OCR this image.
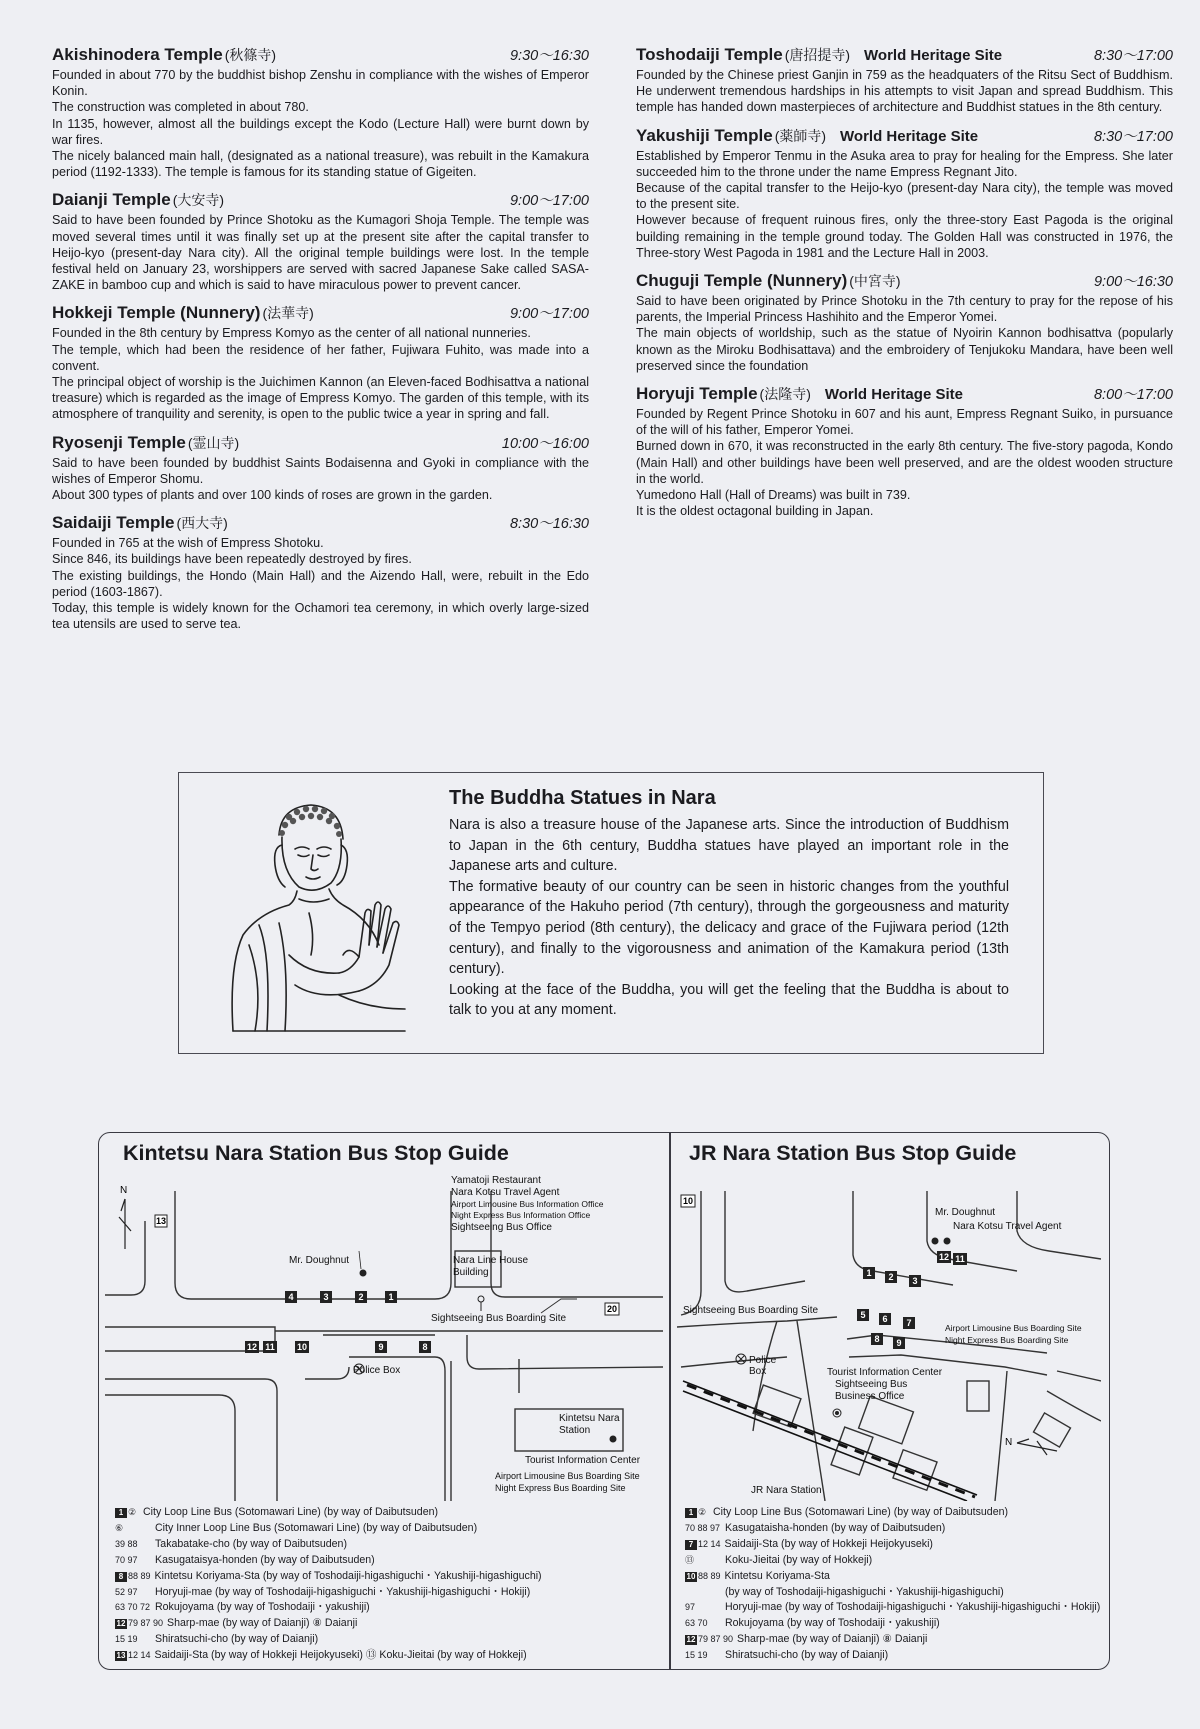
Akishinodera Temple (秋篠寺)	9:30〜16:30

Founded in about 770 by the buddhist bishop Zenshu in compliance with the wishes of Emperor Konin.

The construction was completed in about 780.

In 1135, however, almost all the buildings except the Kodo (Lecture Hall) were burnt down by war fires.

The nicely balanced main hall, (designated as a national treasure), was rebuilt in the Kamakura period (1192-1333). The temple is famous for its standing statue of Gigeiten.

Daianji Temple (大安寺)	9:00〜17:00

Said to have been founded by Prince Shotoku as the Kumagori Shoja Temple. The temple was moved several times until it was finally set up at the present site after the capital transfer to Heijo-kyo (present-day Nara city). All the original temple buildings were lost. In the temple festival held on January 23, worshippers are served with sacred Japanese Sake called SASA-ZAKE in bamboo cup and which is said to have miraculous power to prevent cancer.

Hokkeji Temple (Nunnery) (法華寺)	9:00〜17:00

Founded in the 8th century by Empress Komyo as the center of all national nunneries.

The temple, which had been the residence of her father, Fujiwara Fuhito, was made into a convent.

The principal object of worship is the Juichimen Kannon (an Eleven-faced Bodhisattva a national treasure) which is regarded as the image of Empress Komyo. The garden of this temple, with its atmosphere of tranquility and serenity, is open to the public twice a year in spring and fall.

Ryosenji Temple (霊山寺)	10:00〜16:00

Said to have been founded by buddhist Saints Bodaisenna and Gyoki in compliance with the wishes of Emperor Shomu.

About 300 types of plants and over 100 kinds of roses are grown in the garden.

Saidaiji Temple (西大寺)	8:30〜16:30

Founded in 765 at the wish of Empress Shotoku.

Since 846, its buildings have been repeatedly destroyed by fires.

The existing buildings, the Hondo (Main Hall) and the Aizendo Hall, were, rebuilt in the Edo period (1603-1867).

Today, this temple is widely known for the Ochamori tea ceremony, in which overly large-sized tea utensils are used to serve tea.

Toshodaiji Temple (唐招提寺) World Heritage Site	8:30〜17:00

Founded by the Chinese priest Ganjin in 759 as the headquaters of the Ritsu Sect of Buddhism. He underwent tremendous hardships in his attempts to visit Japan and spread Buddhism. This temple has handed down masterpieces of architecture and Buddhist statues in the 8th century.

Yakushiji Temple (薬師寺) World Heritage Site	8:30〜17:00

Established by Emperor Tenmu in the Asuka area to pray for healing for the Empress. She later succeeded him to the throne under the name Empress Regnant Jito.

Because of the capital transfer to the Heijo-kyo (present-day Nara city), the temple was moved to the present site.

However because of frequent ruinous fires, only the three-story East Pagoda is the original building remaining in the temple ground today. The Golden Hall was constructed in 1976, the Three-story West Pagoda in 1981 and the Lecture Hall in 2003.

Chuguji Temple (Nunnery) (中宮寺)	9:00〜16:30

Said to have been originated by Prince Shotoku in the 7th century to pray for the repose of his parents, the Imperial Princess Hashihito and the Emperor Yomei.

The main objects of worldship, such as the statue of Nyoirin Kannon bodhisattva (popularly known as the Miroku Bodhisattava) and the embroidery of Tenjukoku Mandara, have been well preserved since the foundation

Horyuji Temple (法隆寺) World Heritage Site	8:00〜17:00

Founded by Regent Prince Shotoku in 607 and his aunt, Empress Regnant Suiko, in pursuance of the will of his father, Emperor Yomei.

Burned down in 670, it was reconstructed in the early 8th century. The five-story pagoda, Kondo (Main Hall) and other buildings have been well preserved, and are the oldest wooden structure in the world.

Yumedono Hall (Hall of Dreams) was built in 739.

It is the oldest octagonal building in Japan.

The Buddha Statues in Nara

Nara is also a treasure house of the Japanese arts. Since the introduction of Buddhism to Japan in the 6th century, Buddha statues have played an important role in the Japanese arts and culture.

The formative beauty of our country can be seen in historic changes from the youthful appearance of the Hakuho period (7th century), through the gorgeousness and maturity of the Tempyo period (8th century), the delicacy and grace of the Fujiwara period (12th century), and finally to the vigorousness and animation of the Kamakura period (13th century).

Looking at the face of the Buddha, you will get the feeling that the Buddha is about to talk to you at any moment.

Kintetsu Nara Station Bus Stop Guide
N
Yamatoji Restaurant
Nara Kotsu Travel Agent
Airport Limousine Bus Information Office
Night Express Bus Information Office
Sightseeing Bus Office
Mr. Doughnut	Nara Line House
Building
Sightseeing Bus Boarding Site
Police Box
Kintetsu Nara
Station
Tourist Information Center
Airport Limousine Bus Boarding Site
Night Express Bus Boarding Site
13
4	3	2	1
12 11 10	9	8
20
1 ② City Loop Line Bus (Sotomawari Line) (by way of Daibutsuden)
⑥	City Inner Loop Line Bus (Sotomawari Line) (by way of Daibutsuden)
39 88	Takabatake-cho (by way of Daibutsuden)
70 97	Kasugataisya-honden (by way of Daibutsuden)
8 88 89 Kintetsu Koriyama-Sta (by way of Toshodaiji-higashiguchi・Yakushiji-higashiguchi)
52 97	Horyuji-mae (by way of Toshodaiji-higashiguchi・Yakushiji-higashiguchi・Hokiji)
63 70 72 Rokujoyama (by way of Toshodaiji・yakushiji)
12 79 87 90 Sharp-mae (by way of Daianji) ⑧ Daianji
15 19	Shiratsuchi-cho (by way of Daianji)
13 12 14 Saidaiji-Sta (by way of Hokkeji Heijokyuseki) ⑬ Koku-Jieitai (by way of Hokkeji)
JR Nara Station Bus Stop Guide
N
Mr. Doughnut
Nara Kotsu Travel Agent
Sightseeing Bus Boarding Site
Airport Limousine Bus Boarding Site
Night Express Bus Boarding Site
Police
Box	Tourist Information Center
Sightseeing Bus
Business Office
JR Nara Station
10
12 11
1 2 3
5 6 7
8 9
1 ② City Loop Line Bus (Sotomawari Line) (by way of Daibutsuden)
70 88 97 Kasugataisha-honden (by way of Daibutsuden)
7 12 14 Saidaiji-Sta (by way of Hokkeji Heijokyuseki)
⑬	Koku-Jieitai (by way of Hokkeji)
10 88 89 Kintetsu Koriyama-Sta
(by way of Toshodaiji-higashiguchi・Yakushiji-higashiguchi)
97	Horyuji-mae (by way of Toshodaiji-higashiguchi・Yakushiji-higashiguchi・Hokiji)
63 70	Rokujoyama (by way of Toshodaiji・yakushiji)
12 79 87 90 Sharp-mae (by way of Daianji) ⑧ Daianji
15 19	Shiratsuchi-cho (by way of Daianji)
